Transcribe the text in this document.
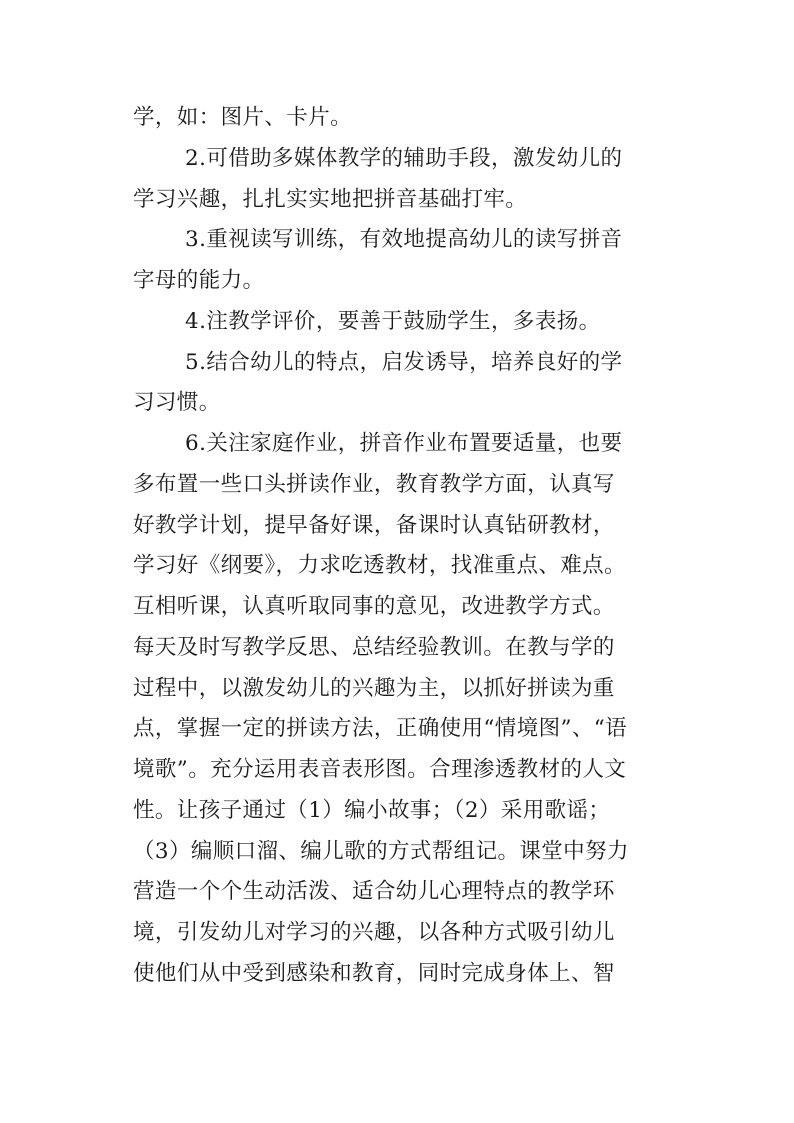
学，如：图片、卡片。
2.可借助多媒体教学的辅助手段，激发幼儿的
学习兴趣，扎扎实实地把拼音基础打牢。
3.重视读写训练，有效地提高幼儿的读写拼音
字母的能力。
4.注教学评价，要善于鼓励学生，多表扬。
5.结合幼儿的特点，启发诱导，培养良好的学
习习惯。
6.关注家庭作业，拼音作业布置要适量，也要
多布置一些口头拼读作业，教育教学方面，认真写
好教学计划，提早备好课，备课时认真钻研教材，
学习好《纲要》，力求吃透教材，找准重点、难点。
互相听课，认真听取同事的意见，改进教学方式。
每天及时写教学反思、总结经验教训。在教与学的
过程中，以激发幼儿的兴趣为主，以抓好拼读为重
点，掌握一定的拼读方法，正确使用“情境图”、“语
境歌”。充分运用表音表形图。合理渗透教材的人文
性。让孩子通过（1）编小故事；（2）采用歌谣；
（3）编顺口溜、编儿歌的方式帮组记。课堂中努力
营造一个个生动活泼、适合幼儿心理特点的教学环
境，引发幼儿对学习的兴趣，以各种方式吸引幼儿
使他们从中受到感染和教育，同时完成身体上、智
